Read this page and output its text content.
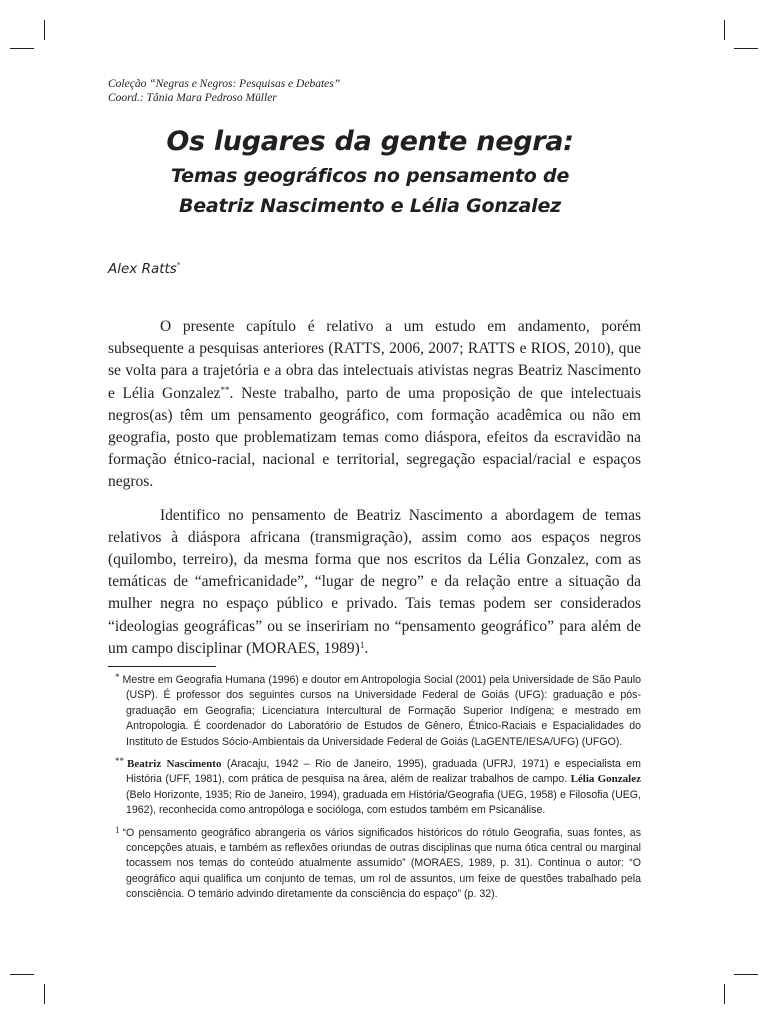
Coleção “Negras e Negros: Pesquisas e Debates”
Coord.: Tânia Mara Pedroso Müller
Os lugares da gente negra:
Temas geográficos no pensamento de
Beatriz Nascimento e Lélia Gonzalez
Alex Ratts*

O presente capítulo é relativo a um estudo em andamento, porém subsequente a pesquisas anteriores (RATTS, 2006, 2007; RATTS e RIOS, 2010), que se volta para a trajetória e a obra das intelectuais ativistas negras Beatriz Nascimento e Lélia Gonzalez**. Neste trabalho, parto de uma proposição de que intelectuais negros(as) têm um pensamento geográfico, com formação acadêmica ou não em geografia, posto que problematizam temas como diáspora, efeitos da escravidão na formação étnico-racial, nacional e territorial, segregação espacial/racial e espaços negros.

Identifico no pensamento de Beatriz Nascimento a abordagem de temas relativos à diáspora africana (transmigração), assim como aos espaços negros (quilombo, terreiro), da mesma forma que nos escritos da Lélia Gonzalez, com as temáticas de “amefricanidade”, “lugar de negro” e da relação entre a situação da mulher negra no espaço público e privado. Tais temas podem ser considerados “ideologias geográficas” ou se inseririam no “pensamento geográfico” para além de um campo disciplinar (MORAES, 1989)$^1$.

* Mestre em Geografia Humana (1996) e doutor em Antropologia Social (2001) pela Universidade de São Paulo (USP). É professor dos seguintes cursos na Universidade Federal de Goiás (UFG): graduação e pós-graduação em Geografia; Licenciatura Intercultural de Formação Superior Indígena; e mestrado em Antropologia. É coordenador do Laboratório de Estudos de Gênero, Étnico-Raciais e Espacialidades do Instituto de Estudos Sócio-Ambientais da Universidade Federal de Goiás (LaGENTE/IESA/UFG) (UFGO).
** Beatriz Nascimento (Aracaju, 1942 – Rio de Janeiro, 1995), graduada (UFRJ, 1971) e especialista em História (UFF, 1981), com prática de pesquisa na área, além de realizar trabalhos de campo. Lélia Gonzalez (Belo Horizonte, 1935; Rio de Janeiro, 1994), graduada em História/Geografia (UEG, 1958) e Filosofia (UEG, 1962), reconhecida como antropóloga e socióloga, com estudos também em Psicanálise.
$^1$ “O pensamento geográfico abrangeria os vários significados históricos do rótulo Geografia, suas fontes, as concepções atuais, e também as reflexões oriundas de outras disciplinas que numa ótica central ou marginal tocassem nos temas do conteúdo atualmente assumido” (MORAES, 1989, p. 31). Continua o autor: “O geográfico aqui qualifica um conjunto de temas, um rol de assuntos, um feixe de questões trabalhado pela consciência. O temário advindo diretamente da consciência do espaço” (p. 32).
